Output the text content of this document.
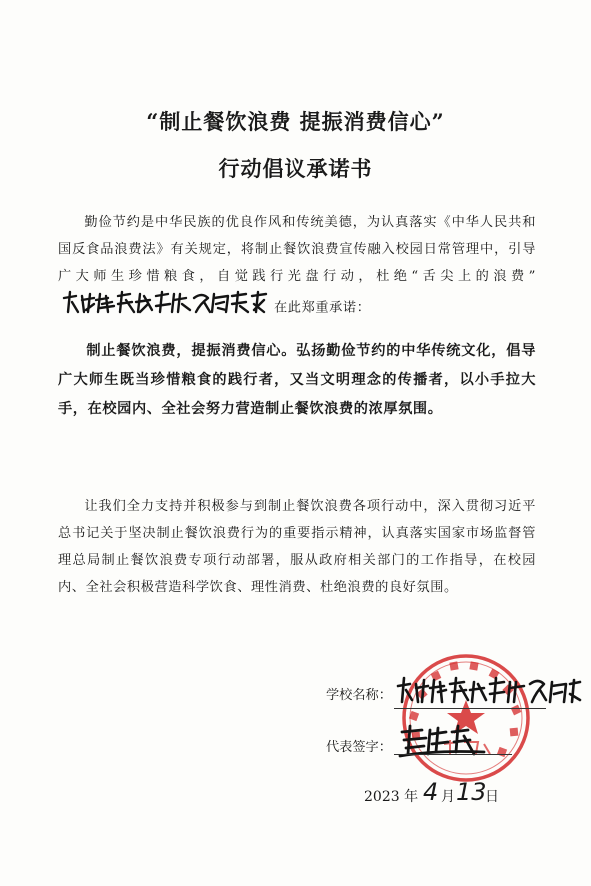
“制止餐饮浪费 提振消费信心”
行动倡议承诺书
勤俭节约是中华民族的优良作风和传统美德，为认真落实《中华人民共和国反食品浪费法》有关规定，将制止餐饮浪费宣传融入校园日常管理中，引导广大师生珍惜粮食，自觉践行光盘行动，杜绝“舌尖上的浪费”在此郑重承诺：
制止餐饮浪费，提振消费信心。弘扬勤俭节约的中华传统文化，倡导广大师生既当珍惜粮食的践行者，又当文明理念的传播者，以小手拉大手，在校园内、全社会努力营造制止餐饮浪费的浓厚氛围。
让我们全力支持并积极参与到制止餐饮浪费各项行动中，深入贯彻习近平总书记关于坚决制止餐饮浪费行为的重要指示精神，认真落实国家市场监督管理总局制止餐饮浪费专项行动部署，服从政府相关部门的工作指导，在校园内、全社会积极营造科学饮食、理性消费、杜绝浪费的良好氛围。
学校名称：
代表签字：
2023 年 4 月 13
日
